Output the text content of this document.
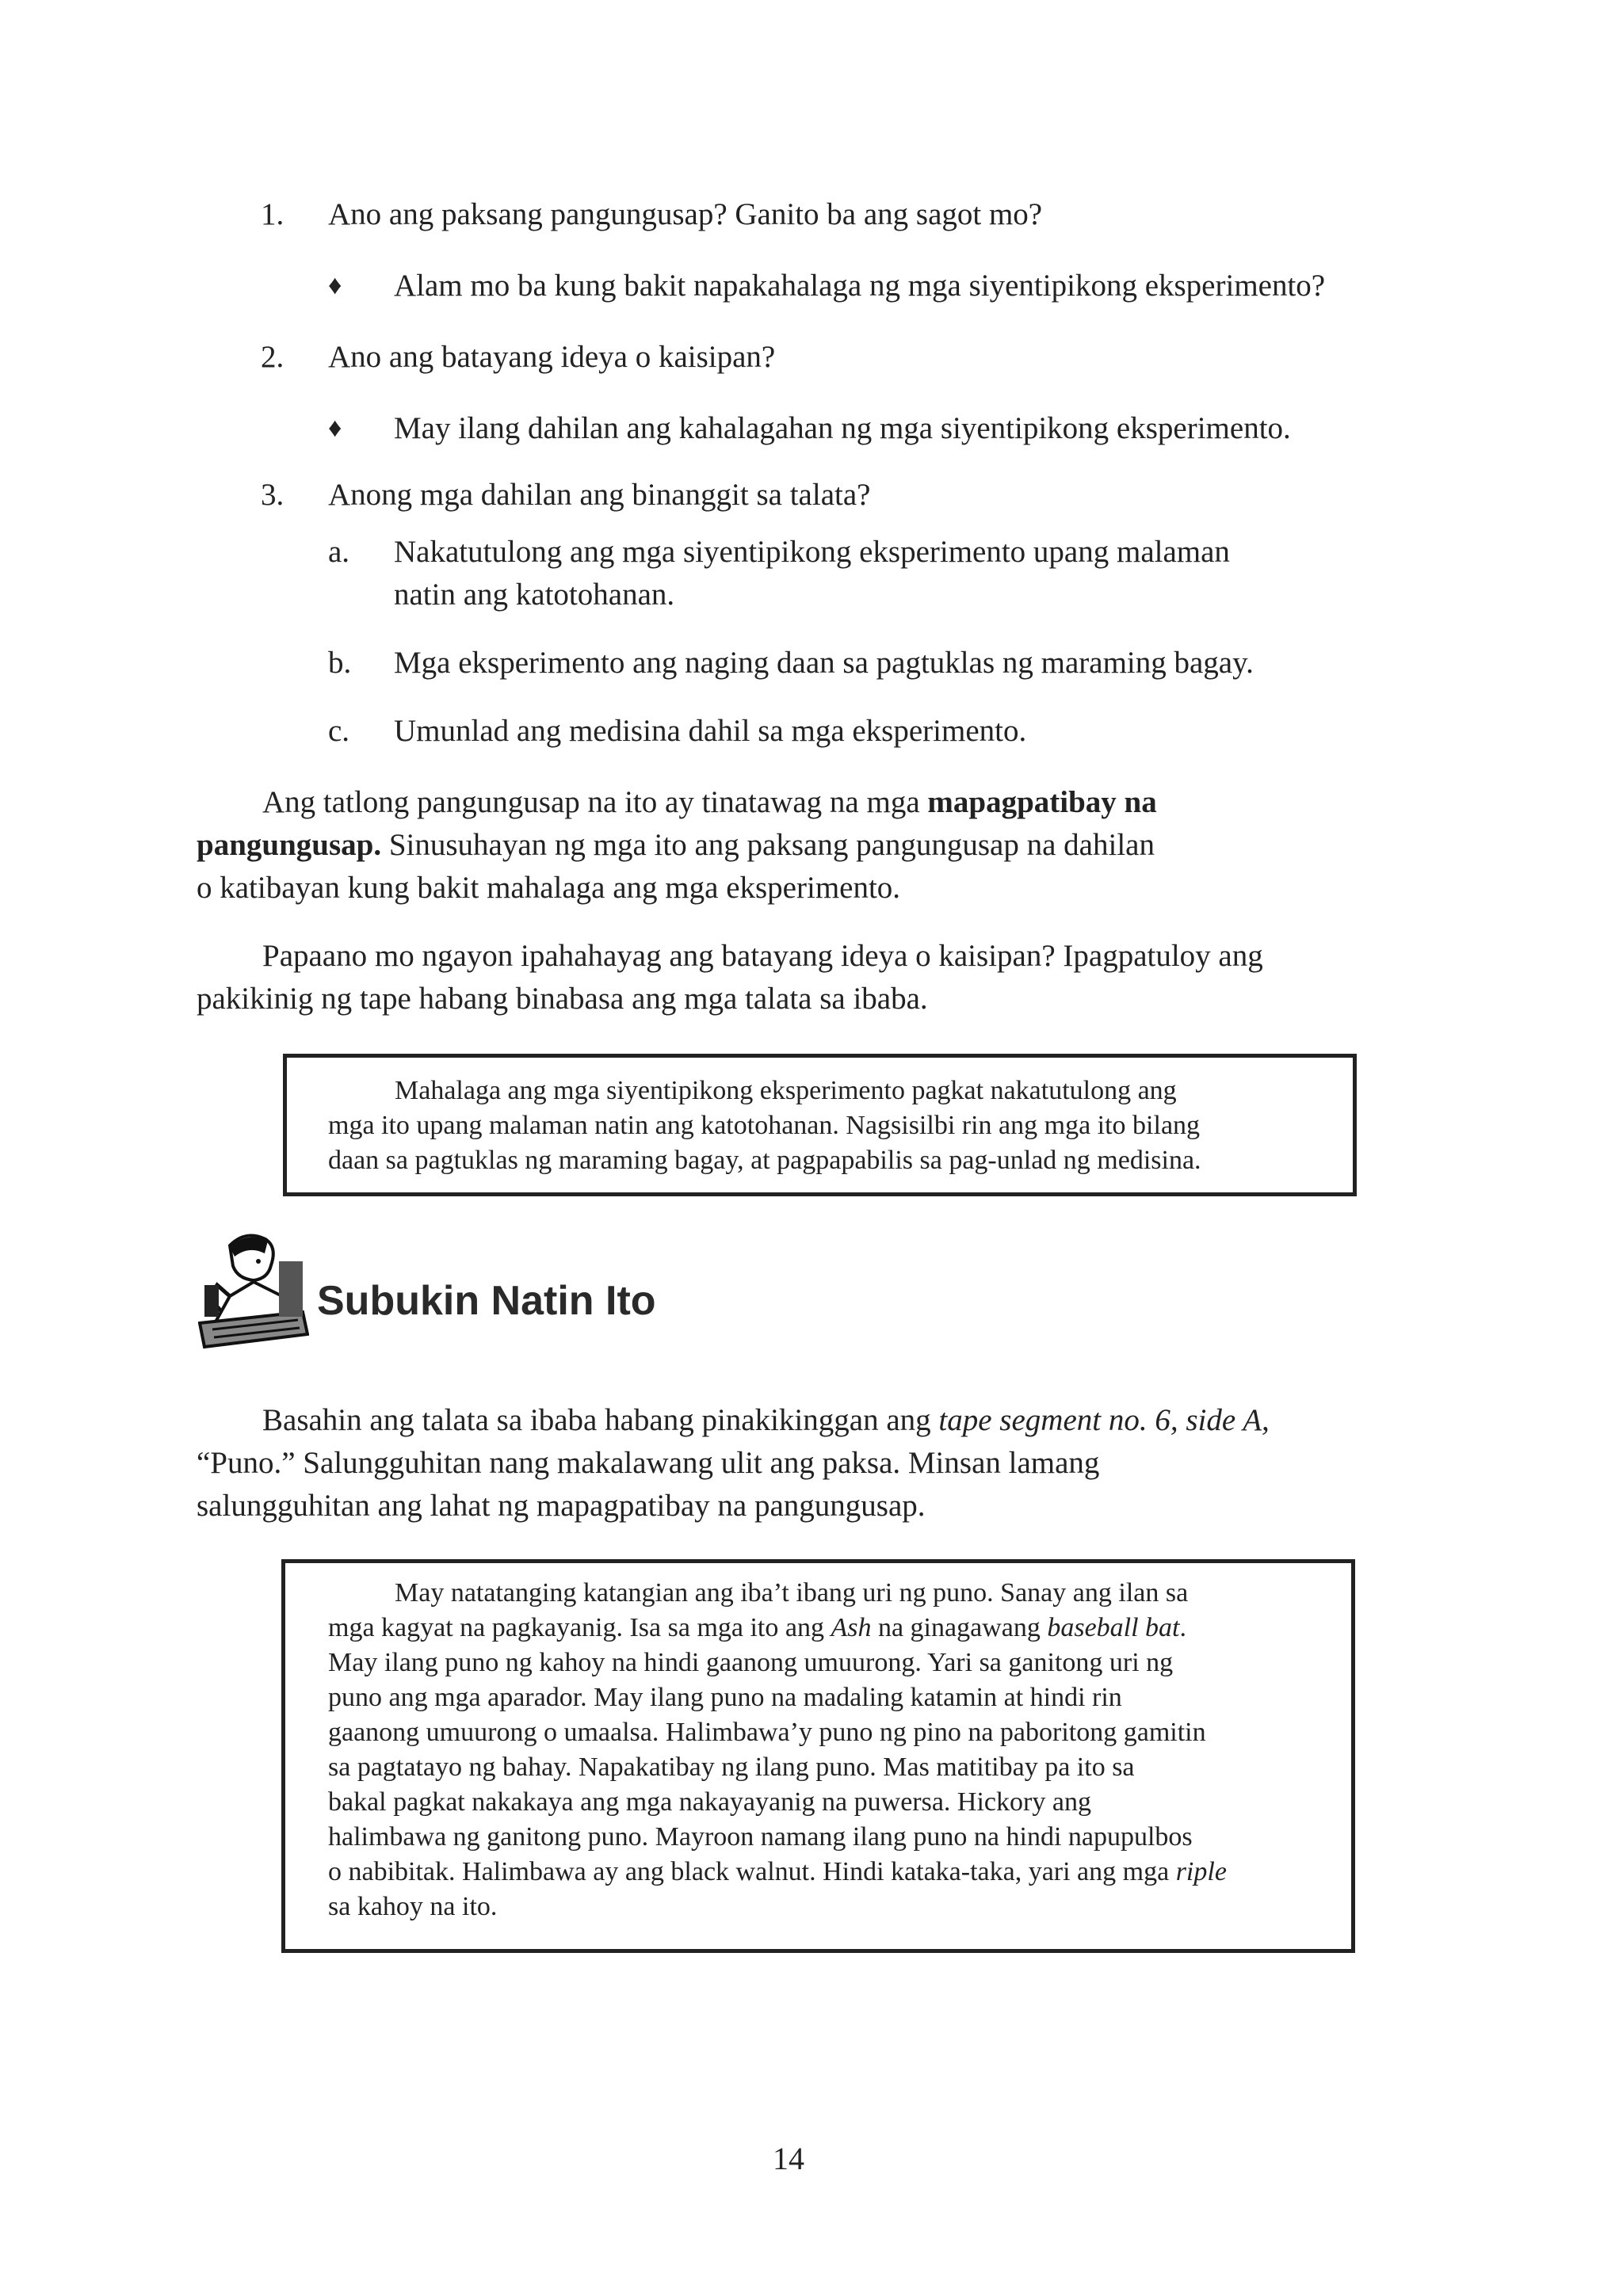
1. Ano ang paksang pangungusap? Ganito ba ang sagot mo?
♦ Alam mo ba kung bakit napakahalaga ng mga siyentipikong eksperimento?
2. Ano ang batayang ideya o kaisipan?
♦ May ilang dahilan ang kahalagahan ng mga siyentipikong eksperimento.
3. Anong mga dahilan ang binanggit sa talata?
a. Nakatutulong ang mga siyentipikong eksperimento upang malaman
natin ang katotohanan.
b. Mga eksperimento ang naging daan sa pagtuklas ng maraming bagay.
c. Umunlad ang medisina dahil sa mga eksperimento.
Ang tatlong pangungusap na ito ay tinatawag na mga mapagpatibay na
pangungusap. Sinusuhayan ng mga ito ang paksang pangungusap na dahilan
o katibayan kung bakit mahalaga ang mga eksperimento.
Papaano mo ngayon ipahahayag ang batayang ideya o kaisipan? Ipagpatuloy ang
pakikinig ng tape habang binabasa ang mga talata sa ibaba.
Mahalaga ang mga siyentipikong eksperimento pagkat nakatutulong ang
mga ito upang malaman natin ang katotohanan. Nagsisilbi rin ang mga ito bilang
daan sa pagtuklas ng maraming bagay, at pagpapabilis sa pag-unlad ng medisina.
Subukin Natin Ito
Basahin ang talata sa ibaba habang pinakikinggan ang tape segment no. 6, side A,
“Puno.” Salungguhitan nang makalawang ulit ang paksa. Minsan lamang
salungguhitan ang lahat ng mapagpatibay na pangungusap.
May natatanging katangian ang iba’t ibang uri ng puno. Sanay ang ilan sa
mga kagyat na pagkayanig. Isa sa mga ito ang Ash na ginagawang baseball bat.
May ilang puno ng kahoy na hindi gaanong umuurong. Yari sa ganitong uri ng
puno ang mga aparador. May ilang puno na madaling katamin at hindi rin
gaanong umuurong o umaalsa. Halimbawa’y puno ng pino na paboritong gamitin
sa pagtatayo ng bahay. Napakatibay ng ilang puno. Mas matitibay pa ito sa
bakal pagkat nakakaya ang mga nakayayanig na puwersa. Hickory ang
halimbawa ng ganitong puno. Mayroon namang ilang puno na hindi napupulbos
o nabibitak. Halimbawa ay ang black walnut. Hindi kataka-taka, yari ang mga riple
sa kahoy na ito.
14
